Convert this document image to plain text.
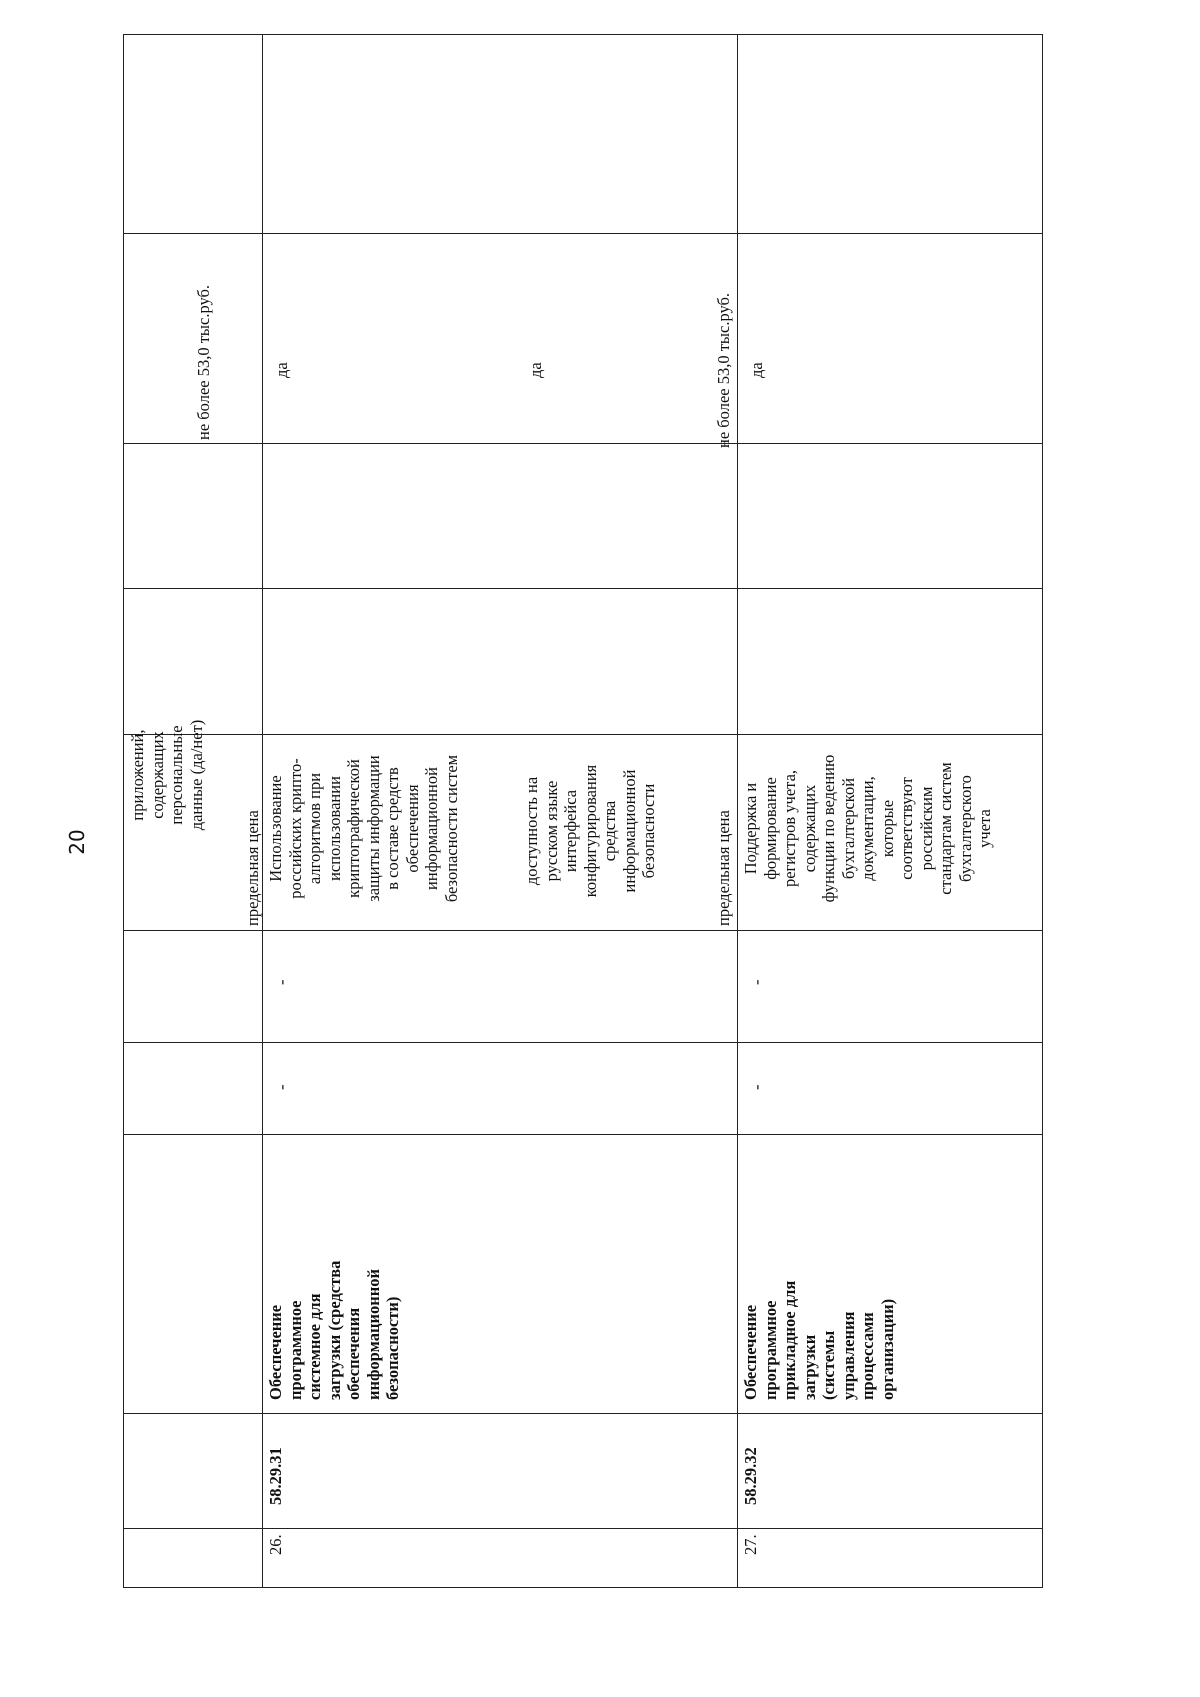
20
приложений, содержащих персональные данные (да/нет)
предельная цена
не более 53,0 тыс.руб.
26.
58.29.31
Обеспечение программное системное для загрузки (средства обеспечения информационной безопасности)
-
-
Использование российских крипто- алгоритмов при использовании криптографической защиты информации в составе средств обеспечения информационной безопасности систем
да
доступность на русском языке интерфейса конфигурирования средства информационной безопасности
да
предельная цена
не более 53,0 тыс.руб.
27.
58.29.32
Обеспечение программное прикладное для загрузки (системы управления процессами организации)
-
-
Поддержка и формирование регистров учета, содержащих функции по ведению бухгалтерской документации, которые соответствуют российским стандартам систем бухгалтерского учета
да
